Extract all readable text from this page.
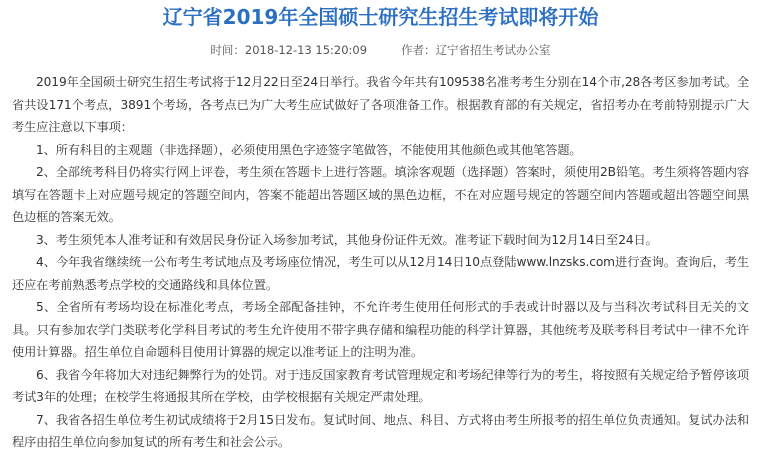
辽宁省2019年全国硕士研究生招生考试即将开始
时间：2018-12-13 15:20:09	作者：辽宁省招生考试办公室

2019年全国硕士研究生招生考试将于12月22日至24日举行。我省今年共有109538名准考考生分别在14个市,28各考区参加考试。全省共设171个考点，3891个考场，各考点已为广大考生应试做好了各项准备工作。根据教育部的有关规定，省招考办在考前特别提示广大考生应注意以下事项：

1、所有科目的主观题（非选择题），必须使用黑色字迹签字笔做答，不能使用其他颜色或其他笔答题。

2、全部统考科目仍将实行网上评卷，考生须在答题卡上进行答题。填涂客观题（选择题）答案时，须使用2B铅笔。考生须将答题内容填写在答题卡上对应题号规定的答题空间内，答案不能超出答题区域的黑色边框，不在对应题号规定的答题空间内答题或超出答题空间黑色边框的答案无效。

3、考生须凭本人准考证和有效居民身份证入场参加考试，其他身份证件无效。准考证下载时间为12月14日至24日。

4、今年我省继续统一公布考生考试地点及考场座位情况，考生可以从12月14日10点登陆www.lnzsks.com进行查询。查询后，考生还应在考前熟悉考点学校的交通路线和具体位置。

5、全省所有考场均设在标准化考点，考场全部配备挂钟，不允许考生使用任何形式的手表或计时器以及与当科次考试科目无关的文具。只有参加农学门类联考化学科目考试的考生允许使用不带字典存储和编程功能的科学计算器，其他统考及联考科目考试中一律不允许使用计算器。招生单位自命题科目使用计算器的规定以准考证上的注明为准。

6、我省今年将加大对违纪舞弊行为的处罚。对于违反国家教育考试管理规定和考场纪律等行为的考生，将按照有关规定给予暂停该项考试3年的处理；在校学生将通报其所在学校，由学校根据有关规定严肃处理。

7、我省各招生单位考生初试成绩将于2月15日发布。复试时间、地点、科目、方式将由考生所报考的招生单位负责通知。复试办法和程序由招生单位向参加复试的所有考生和社会公示。
